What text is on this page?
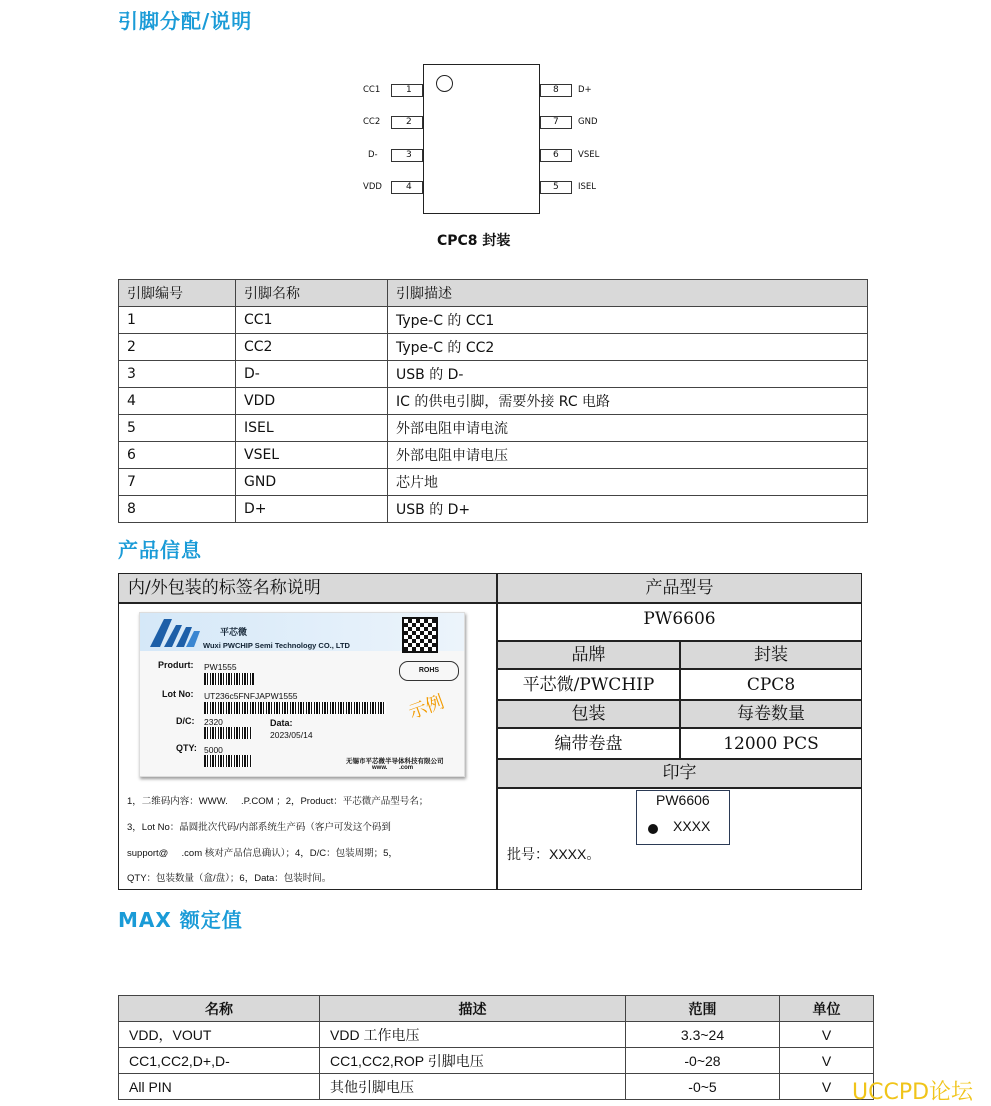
引脚分配/说明
CC1	1
CC2	2
D-	3
VDD	4
8 D+
7 GND
6 VSEL
5 ISEL
CPC8 封装
引脚编号	引脚名称	引脚描述
1	CC1	Type-C 的 CC1
2	CC2	Type-C 的 CC2
3	D-	USB 的 D-
4	VDD	IC 的供电引脚，需要外接 RC 电路
5	ISEL	外部电阻申请电流
6	VSEL	外部电阻申请电压
7	GND	芯片地
8	D+	USB 的 D+
产品信息
内/外包装的标签名称说明	产品型号
PW6606
品牌	封装
平芯微/PWCHIP	CPC8
包装	每卷数量
编带卷盘	12000 PCS
印字
PW6606
XXXX
批号：XXXX。
平芯微
Wuxi PWCHIP Semi Technology CO., LTD
ROHS
Produrt: PW1555
Lot No: UT236c5FNFJAPW1555
D/C: 2320	Data:
2023/05/14
QTY: 5000
示例
无锡市平芯微半导体科技有限公司
www.       .com
1，二维码内容：WWW.     .P.COM ；2，Product：平芯微产品型号名；
3，Lot No：晶圆批次代码/内部系统生产码（客户可发这个码到
support@     .com 核对产品信息确认）；4，D/C：包装周期；5，
QTY：包装数量（盒/盘）；6，Data：包装时间。
MAX 额定值
名称	描述	范围	单位
VDD，VOUT	VDD 工作电压	3.3~24	V
CC1,CC2,D+,D-	CC1,CC2,ROP 引脚电压	-0~28	V
All PIN	其他引脚电压	-0~5	V UCCPD论坛
